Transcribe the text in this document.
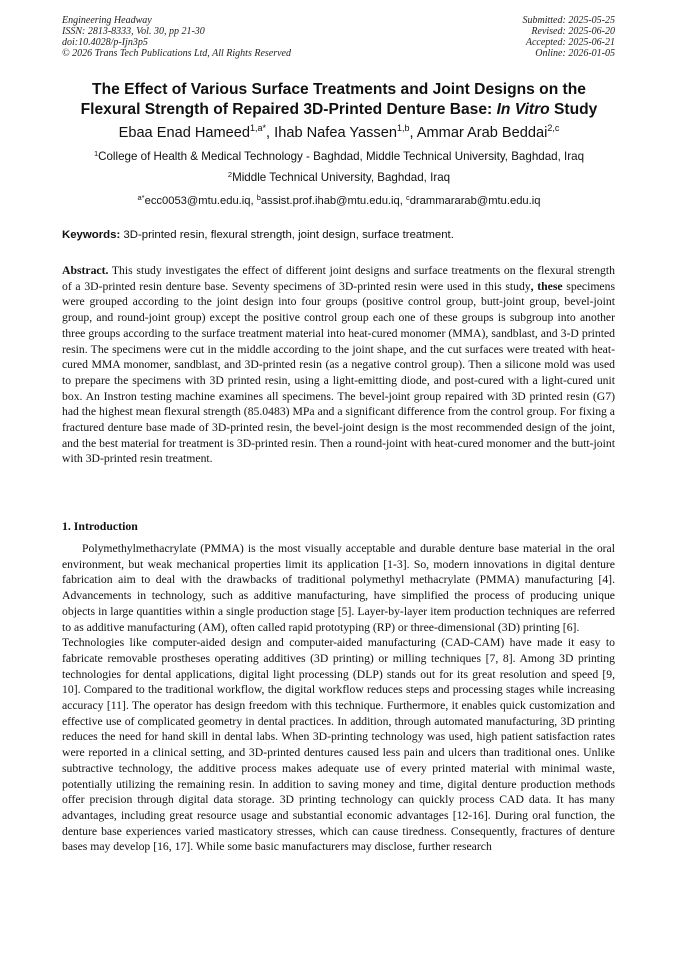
Engineering Headway
ISSN: 2813-8333, Vol. 30, pp 21-30
doi:10.4028/p-Ijn3p5
© 2026 Trans Tech Publications Ltd, All Rights Reserved
Submitted: 2025-05-25
Revised: 2025-06-20
Accepted: 2025-06-21
Online: 2026-01-05
The Effect of Various Surface Treatments and Joint Designs on the
Flexural Strength of Repaired 3D-Printed Denture Base: In Vitro Study
Ebaa Enad Hameed$^{1,a*}$, Ihab Nafea Yassen$^{1,b}$, Ammar Arab Beddai$^{2,c}$
$^1$College of Health & Medical Technology - Baghdad, Middle Technical University, Baghdad, Iraq
$^2$Middle Technical University, Baghdad, Iraq
$^{a*}$ecc0053@mtu.edu.iq, $^b$assist.prof.ihab@mtu.edu.iq, $^c$drammararab@mtu.edu.iq
Keywords: 3D-printed resin, flexural strength, joint design, surface treatment.
Abstract. This study investigates the effect of different joint designs and surface treatments on the flexural strength of a 3D-printed resin denture base. Seventy specimens of 3D-printed resin were used in this study, these specimens were grouped according to the joint design into four groups (positive control group, butt-joint group, bevel-joint group, and round-joint group) except the positive control group each one of these groups is subgroup into another three groups according to the surface treatment material into heat-cured monomer (MMA), sandblast, and 3-D printed resin. The specimens were cut in the middle according to the joint shape, and the cut surfaces were treated with heat-cured MMA monomer, sandblast, and 3D-printed resin (as a negative control group). Then a silicone mold was used to prepare the specimens with 3D printed resin, using a light-emitting diode, and post-cured with a light-cured unit box. An Instron testing machine examines all specimens. The bevel-joint group repaired with 3D printed resin (G7) had the highest mean flexural strength (85.0483) MPa and a significant difference from the control group. For fixing a fractured denture base made of 3D-printed resin, the bevel-joint design is the most recommended design of the joint, and the best material for treatment is 3D-printed resin. Then a round-joint with heat-cured monomer and the butt-joint with 3D-printed resin treatment.
1. Introduction

Polymethylmethacrylate (PMMA) is the most visually acceptable and durable denture base material in the oral environment, but weak mechanical properties limit its application [1-3]. So, modern innovations in digital denture fabrication aim to deal with the drawbacks of traditional polymethyl methacrylate (PMMA) manufacturing [4]. Advancements in technology, such as additive manufacturing, have simplified the process of producing unique objects in large quantities within a single production stage [5]. Layer-by-layer item production techniques are referred to as additive manufacturing (AM), often called rapid prototyping (RP) or three-dimensional (3D) printing [6].

Technologies like computer-aided design and computer-aided manufacturing (CAD-CAM) have made it easy to fabricate removable prostheses operating additives (3D printing) or milling techniques [7, 8]. Among 3D printing technologies for dental applications, digital light processing (DLP) stands out for its great resolution and speed [9, 10]. Compared to the traditional workflow, the digital workflow reduces steps and processing stages while increasing accuracy [11]. The operator has design freedom with this technique. Furthermore, it enables quick customization and effective use of complicated geometry in dental practices. In addition, through automated manufacturing, 3D printing reduces the need for hand skill in dental labs. When 3D-printing technology was used, high patient satisfaction rates were reported in a clinical setting, and 3D-printed dentures caused less pain and ulcers than traditional ones. Unlike subtractive technology, the additive process makes adequate use of every printed material with minimal waste, potentially utilizing the remaining resin. In addition to saving money and time, digital denture production methods offer precision through digital data storage. 3D printing technology can quickly process CAD data. It has many advantages, including great resource usage and substantial economic advantages [12-16]. During oral function, the denture base experiences varied masticatory stresses, which can cause tiredness. Consequently, fractures of denture bases may develop [16, 17]. While some basic manufacturers may disclose, further research
